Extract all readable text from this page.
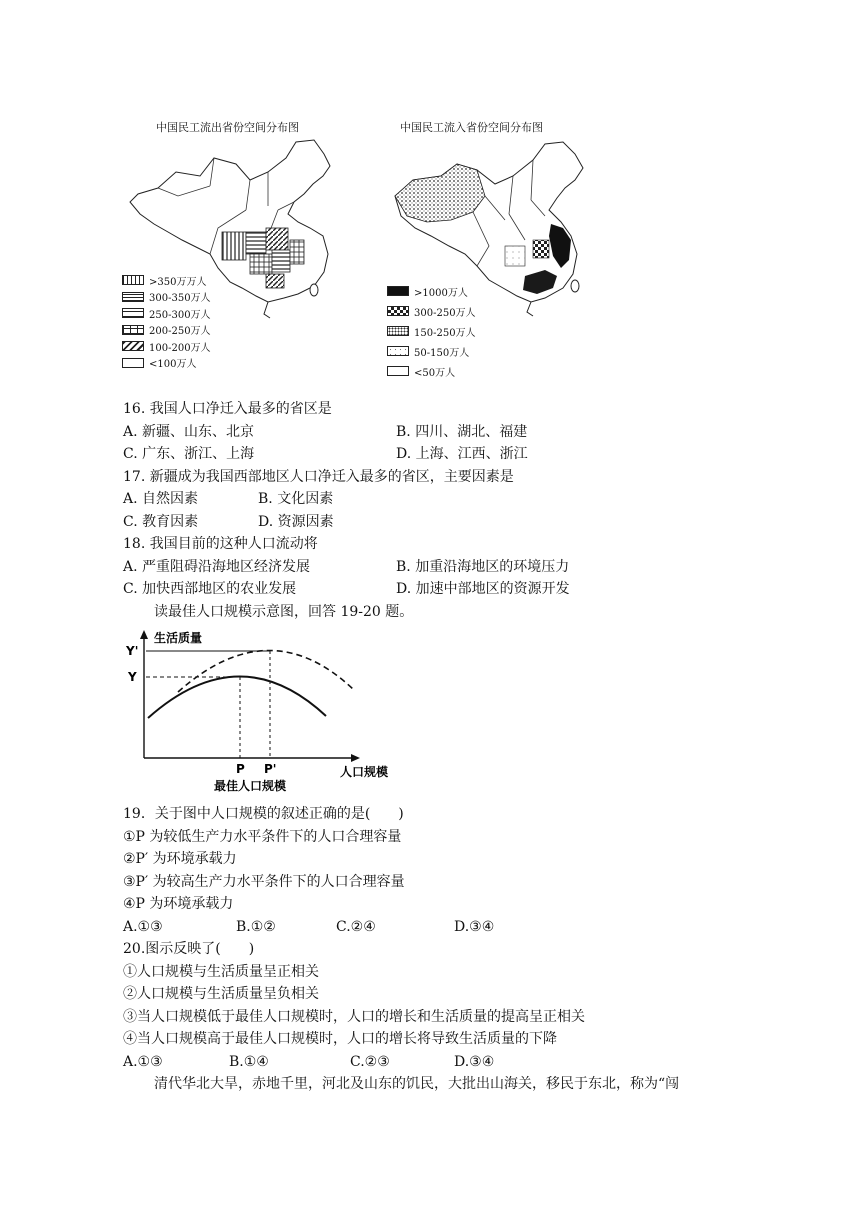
中国民工流出省份空间分布图
>350万万人
300-350万人
250-300万人
200-250万人
100-200万人
<100万人
中国民工流入省份空间分布图
>1000万人
300-250万人
150-250万人
50-150万人
<50万人
16. 我国人口净迁入最多的省区是
A. 新疆、山东、北京	B. 四川、湖北、福建
C. 广东、浙江、上海	D. 上海、江西、浙江
17. 新疆成为我国西部地区人口净迁入最多的省区，主要因素是
A. 自然因素	B. 文化因素
C. 教育因素	D. 资源因素
18. 我国目前的这种人口流动将
A. 严重阻碍沿海地区经济发展	B. 加重沿海地区的环境压力
C. 加快西部地区的农业发展	D. 加速中部地区的资源开发
读最佳人口规模示意图，回答 19-20 题。
生活质量
Y'
Y
P P'	人口规模
最佳人口规模
19．关于图中人口规模的叙述正确的是(　　)
①P 为较低生产力水平条件下的人口合理容量
②P′ 为环境承载力
③P′ 为较高生产力水平条件下的人口合理容量
④P 为环境承载力
A.①③	B.①②	C.②④	D.③④
20.图示反映了(　　)
①人口规模与生活质量呈正相关
②人口规模与生活质量呈负相关
③当人口规模低于最佳人口规模时，人口的增长和生活质量的提高呈正相关
④当人口规模高于最佳人口规模时，人口的增长将导致生活质量的下降
A.①③	B.①④	C.②③	D.③④
清代华北大旱，赤地千里，河北及山东的饥民，大批出山海关，移民于东北，称为“闯
